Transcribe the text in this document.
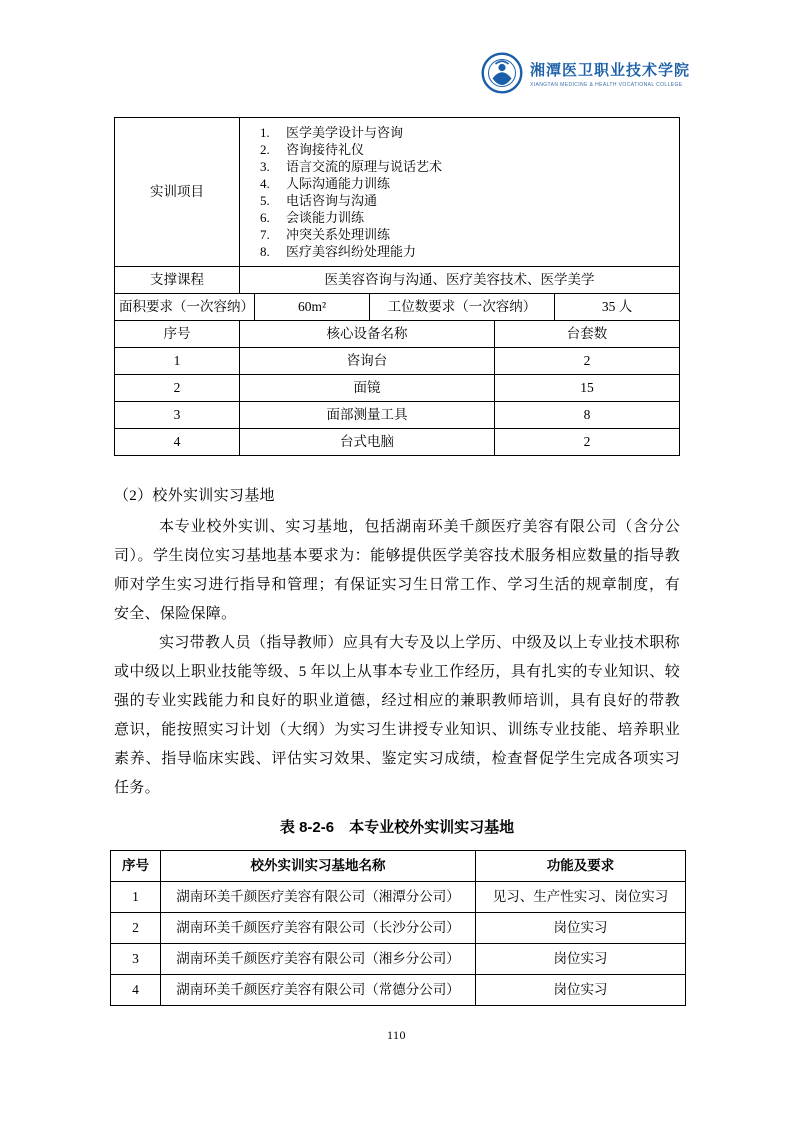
湘潭医卫职业技术学院
XIANGTAN MEDICINE & HEALTH VOCATIONAL COLLEGE
实训项目	
1.	医学美学设计与咨询
2.	咨询接待礼仪
3.	语言交流的原理与说话艺术
4.	人际沟通能力训练
5.	电话咨询与沟通
6.	会谈能力训练
7.	冲突关系处理训练
8.	医疗美容纠纷处理能力

支撑课程	医美容咨询与沟通、医疗美容技术、医学美学				
面积要求（一次容纳）		60m²	工位数要求（一次容纳）		35 人
序号	核心设备名称			台套数	
1	咨询台			2	
2	面镜			15	
3	面部测量工具			8	
4	台式电脑			2	
（2）校外实训实习基地

本专业校外实训、实习基地，包括湖南环美千颜医疗美容有限公司（含分公司）。学生岗位实习基地基本要求为：能够提供医学美容技术服务相应数量的指导教师对学生实习进行指导和管理；有保证实习生日常工作、学习生活的规章制度，有安全、保险保障。

实习带教人员（指导教师）应具有大专及以上学历、中级及以上专业技术职称或中级以上职业技能等级、5 年以上从事本专业工作经历，具有扎实的专业知识、较强的专业实践能力和良好的职业道德，经过相应的兼职教师培训，具有良好的带教意识，能按照实习计划（大纲）为实习生讲授专业知识、训练专业技能、培养职业素养、指导临床实践、评估实习效果、鉴定实习成绩，检查督促学生完成各项实习任务。

表 8-2-6　本专业校外实训实习基地
序号	校外实训实习基地名称	功能及要求
1	湖南环美千颜医疗美容有限公司（湘潭分公司）	见习、生产性实习、岗位实习
2	湖南环美千颜医疗美容有限公司（长沙分公司）	岗位实习
3	湖南环美千颜医疗美容有限公司（湘乡分公司）	岗位实习
4	湖南环美千颜医疗美容有限公司（常德分公司）	岗位实习
110
